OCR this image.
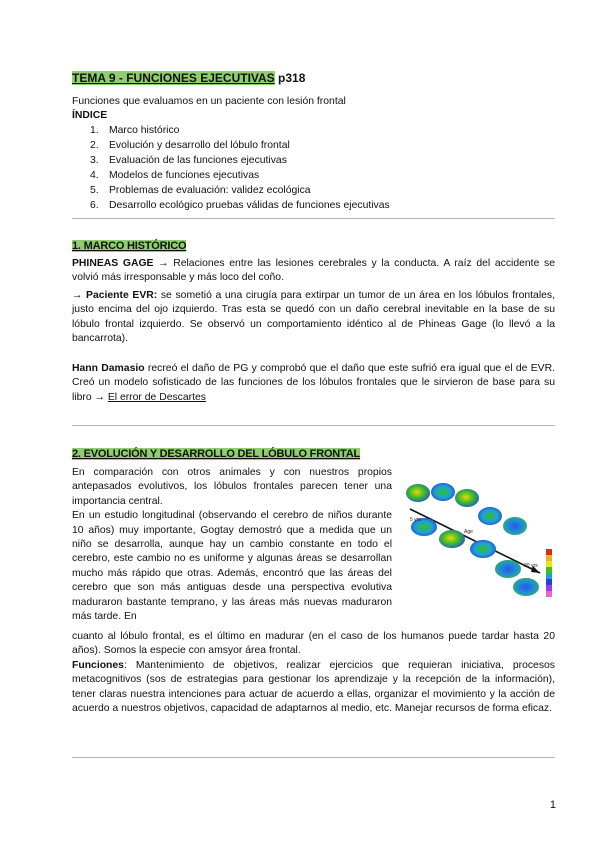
TEMA 9 - FUNCIONES EJECUTIVAS p318
Funciones que evaluamos en un paciente con lesión frontal
ÍNDICE
1. Marco histórico
2. Evolución y desarrollo del lóbulo frontal
3. Evaluación de las funciones ejecutivas
4. Modelos de funciones ejecutivas
5. Problemas de evaluación: validez ecológica
6. Desarrollo ecológico pruebas válidas de funciones ejecutivas
1. MARCO HISTÓRICO
PHINEAS GAGE → Relaciones entre las lesiones cerebrales y la conducta. A raíz del accidente se volvió más irresponsable y más loco del coño.
→ Paciente EVR: se sometió a una cirugía para extirpar un tumor de un área en los lóbulos frontales, justo encima del ojo izquierdo. Tras esta se quedó con un daño cerebral inevitable en la base de su lóbulo frontal izquierdo. Se observó un comportamiento idéntico al de Phineas Gage (lo llevó a la bancarrota).
Hann Damasio recreó el daño de PG y comprobó que el daño que este sufrió era igual que el de EVR. Creó un modelo sofisticado de las funciones de los lóbulos frontales que le sirvieron de base para su libro → El error de Descartes
2. EVOLUCIÓN Y DESARROLLO DEL LÓBULO FRONTAL
En comparación con otros animales y con nuestros propios antepasados evolutivos, los lóbulos frontales parecen tener una importancia central.
En un estudio longitudinal (observando el cerebro de niños durante 10 años) muy importante, Gogtay demostró que a medida que un niño se desarrolla, aunque hay un cambio constante en todo el cerebro, este cambio no es uniforme y algunas áreas se desarrollan mucho más rápido que otras. Además, encontró que las áreas del cerebro que son más antiguas desde una perspectiva evolutiva maduraron bastante temprano, y las áreas más nuevas maduraron más tarde. En
cuanto al lóbulo frontal, es el último en madurar (en el caso de los humanos puede tardar hasta 20 años). Somos la especie con amsyor área frontal.
Funciones: Mantenimiento de objetivos, realizar ejercicios que requieran iniciativa, procesos metacognitivos (sos de estrategias para gestionar los aprendizaje y la recepción de la información), tener claras nuestra intenciones para actuar de acuerdo a ellas, organizar el movimiento y la acción de acuerdo a nuestros objetivos, capacidad de adaptarnos al medio, etc. Manejar recursos de forma eficaz.
5 yrs
Age
20 yrs
1
